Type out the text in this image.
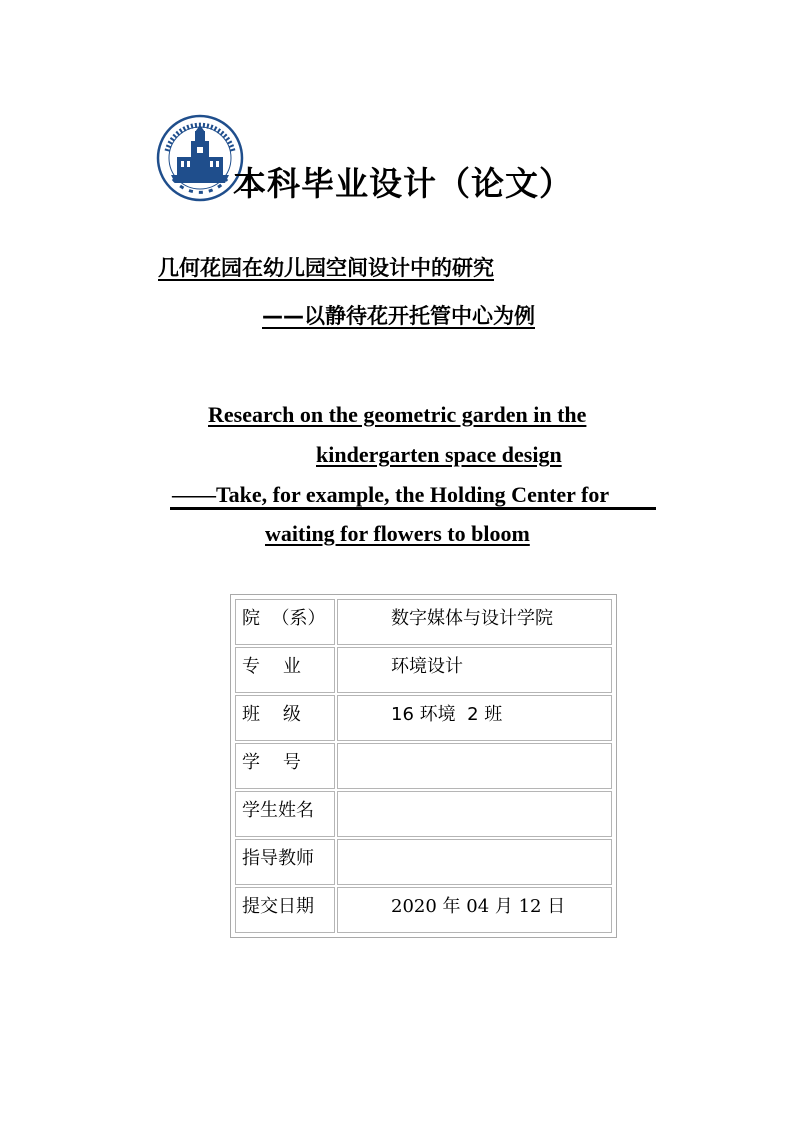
本科毕业设计（论文）
几何花园在幼儿园空间设计中的研究
——以静待花开托管中心为例
Research on the geometric garden in the
kindergarten space design
——Take, for example, the Holding Center for
waiting for flowers to bloom
院  （系）	数字媒体与设计学院
专    业	环境设计
班    级	16 环境  2 班
学    号	
学生姓名	
指导教师	
提交日期	2020 年 04 月 12 日
